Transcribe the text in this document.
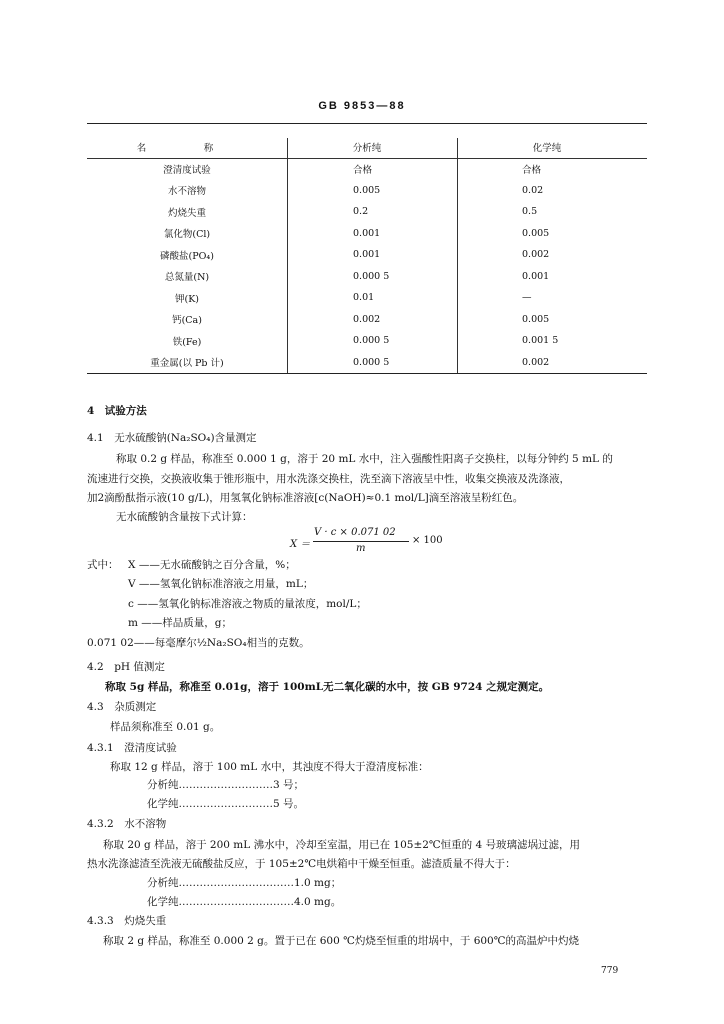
GB 9853—88
名　称	分析纯	化学纯
澄清度试验	合格	合格
水不溶物	0.005	0.02
灼烧失重	0.2	0.5
氯化物(Cl)	0.001	0.005
磷酸盐(PO₄)	0.001	0.002
总氮量(N)	0.000 5	0.001
钾(K)	0.01	—
钙(Ca)	0.002	0.005
铁(Fe)	0.000 5	0.001 5
重金属(以 Pb 计)	0.000 5	0.002
4　试验方法
4.1　无水硫酸钠(Na₂SO₄)含量测定
称取 0.2 g 样品，称准至 0.000 1 g，溶于 20 mL 水中，注入强酸性阳离子交换柱，以每分钟约 5 mL 的
流速进行交换，交换液收集于锥形瓶中，用水洗涤交换柱，洗至滴下溶液呈中性，收集交换液及洗涤液，
加2滴酚酞指示液(10 g/L)，用氢氧化钠标准溶液[c(NaOH)≈0.1 mol/L]滴至溶液呈粉红色。
无水硫酸钠含量按下式计算：
X ＝
V · c × 0.071 02
m
× 100
式中： X ——无水硫酸钠之百分含量，%；
V ——氢氧化钠标准溶液之用量，mL；
c ——氢氧化钠标准溶液之物质的量浓度，mol/L；
m ——样品质量，g；
0.071 02——每毫摩尔½Na₂SO₄相当的克数。
4.2　pH 值测定
称取 5g 样品，称准至 0.01g，溶于 100mL无二氧化碳的水中，按 GB 9724 之规定测定。
4.3　杂质测定
样品须称准至 0.01 g。
4.3.1　澄清度试验
称取 12 g 样品，溶于 100 mL 水中，其浊度不得大于澄清度标准：
分析纯………………………3 号；
化学纯………………………5 号。
4.3.2　水不溶物
称取 20 g 样品，溶于 200 mL 沸水中，冷却至室温，用已在 105±2℃恒重的 4 号玻璃滤埚过滤，用
热水洗涤滤渣至洗液无硫酸盐反应，于 105±2℃电烘箱中干燥至恒重。滤渣质量不得大于：
分析纯……………………………1.0 mg；
化学纯……………………………4.0 mg。
4.3.3　灼烧失重
称取 2 g 样品，称准至 0.000 2 g。置于已在 600 ℃灼烧至恒重的坩埚中，于 600℃的高温炉中灼烧
779
